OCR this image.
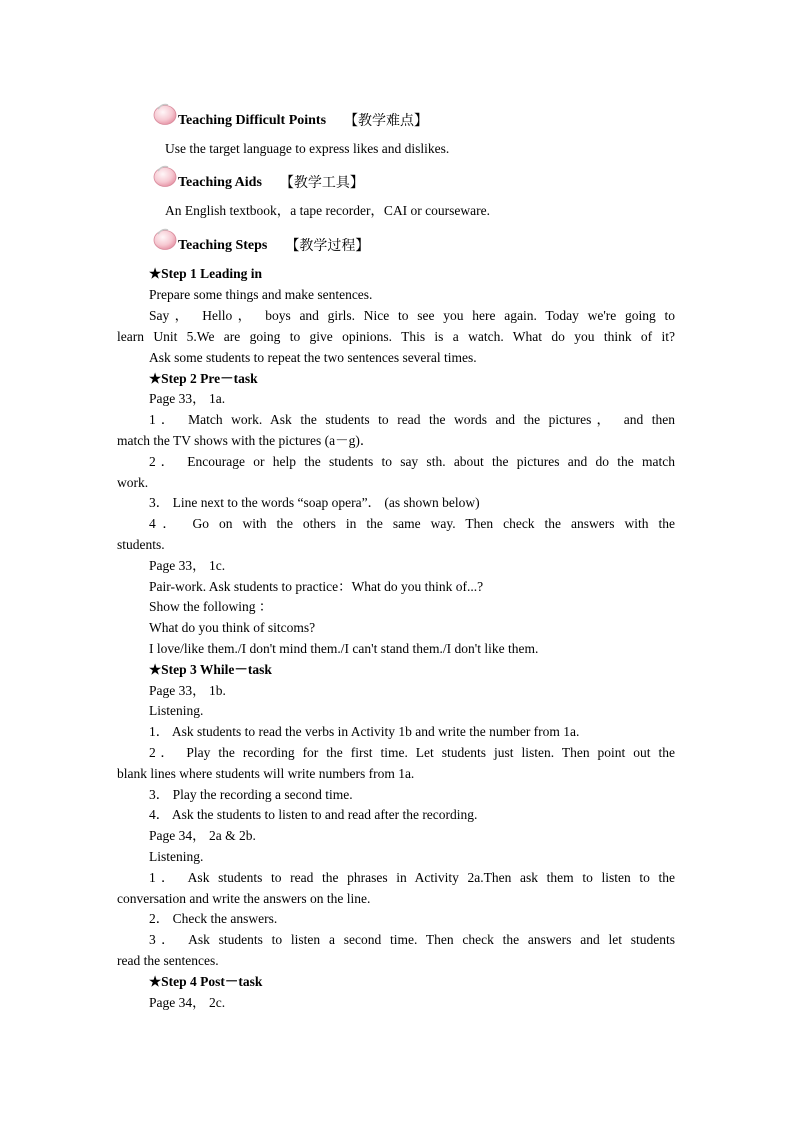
Teaching Difficult Points 【教学难点】
Use the target language to express likes and dislikes.
Teaching Aids 【教学工具】
An English textbook，a tape recorder，CAI or courseware.
Teaching Steps 【教学过程】
★Step 1 Leading in
Prepare some things and make sentences.
Say， Hello， boys and girls. Nice to see you here again. Today we're going to
learn Unit 5.We are going to give opinions. This is a watch. What do you think of it?
Ask some students to repeat the two sentences several times.
★Step 2 Pre－task
Page 33， 1a.
1． Match work. Ask the students to read the words and the pictures， and then
match the TV shows with the pictures (a－g)．
2． Encourage or help the students to say sth. about the pictures and do the match
work.
3． Line next to the words “soap opera”． (as shown below)
4． Go on with the others in the same way. Then check the answers with the
students.
Page 33， 1c.
Pair-work. Ask students to practice：What do you think of...?
Show the following ：
What do you think of sitcoms?
I love/like them./I don't mind them./I can't stand them./I don't like them.
★Step 3 While－task
Page 33， 1b.
Listening.
1． Ask students to read the verbs in Activity 1b and write the number from 1a.
2． Play the recording for the first time. Let students just listen. Then point out the
blank lines where students will write numbers from 1a.
3． Play the recording a second time.
4． Ask the students to listen to and read after the recording.
Page 34， 2a & 2b.
Listening.
1． Ask students to read the phrases in Activity 2a.Then ask them to listen to the
conversation and write the answers on the line.
2． Check the answers.
3． Ask students to listen a second time. Then check the answers and let students
read the sentences.
★Step 4 Post－task
Page 34， 2c.
